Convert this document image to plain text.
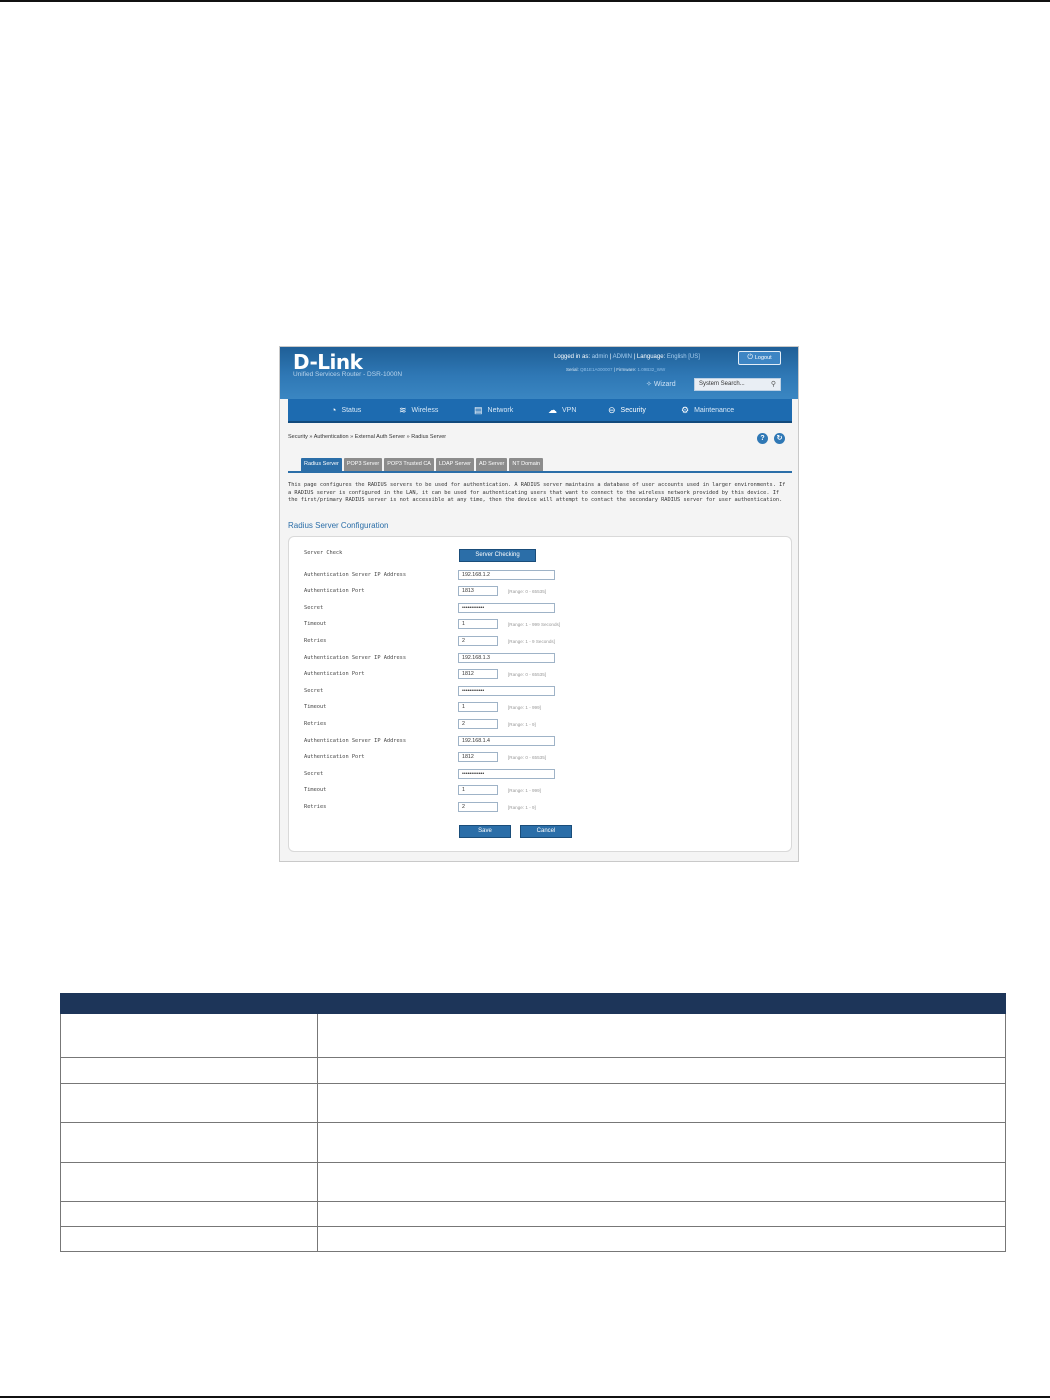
D-Link
Unified Services Router - DSR-1000N
Logged in as: admin | ADMIN | Language: English [US]
Serial: QB1E1A000007 | Firmware: 1.09B32_WW
⏻ Logout
✧ Wizard	System Search...	⚲
◔ Status	≋ Wireless	▤ Network	☁ VPN	⊖ Security	⚙ Maintenance
Security » Authentication » External Auth Server » Radius Server	?	↻
Radius Server	POP3 Server	POP3 Trusted CA	LDAP Server	AD Server	NT Domain
This page configures the RADIUS servers to be used for authentication. A RADIUS server maintains a database of user accounts used in larger environments. If a RADIUS server is configured in the LAN, it can be used for authenticating users that want to connect to the wireless network provided by this device. If the first/primary RADIUS server is not accessible at any time, then the device will attempt to contact the secondary RADIUS server for user authentication.
Radius Server Configuration
Server Check	Server Checking
Authentication Server IP Address	192.168.1.2
Authentication Port	1813	[Range: 0 - 65535]
Secret	••••••••••••
Timeout	1	[Range: 1 - 999 Seconds]
Retries	2	[Range: 1 - 9 Seconds]
Authentication Server IP Address	192.168.1.3
Authentication Port	1812	[Range: 0 - 65535]
Secret	••••••••••••
Timeout	1	[Range: 1 - 999]
Retries	2	[Range: 1 - 9]
Authentication Server IP Address	192.168.1.4
Authentication Port	1812	[Range: 0 - 65535]
Secret	••••••••••••
Timeout	1	[Range: 1 - 999]
Retries	2	[Range: 1 - 9]
Save	Cancel
